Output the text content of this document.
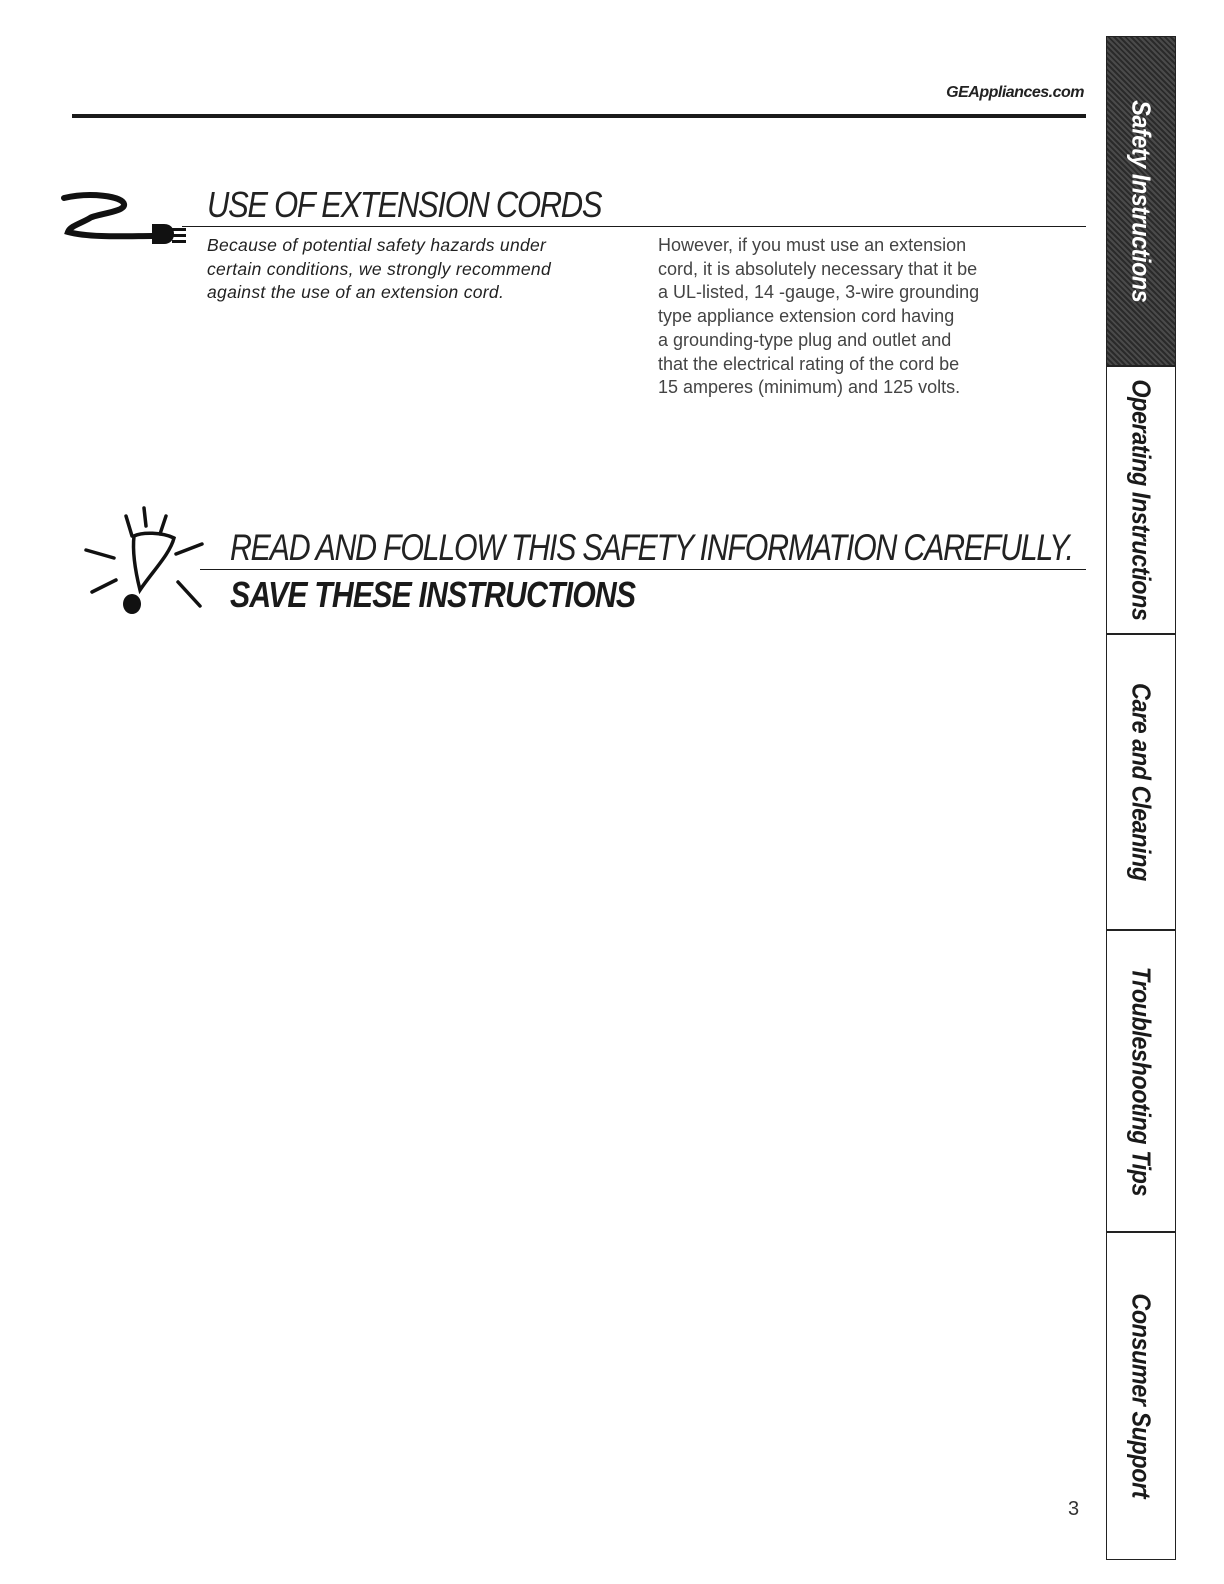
GEAppliances.com
USE OF EXTENSION CORDS
Because of potential safety hazards under
certain conditions, we strongly recommend
against the use of an extension cord.
However, if you must use an extension
cord, it is absolutely necessary that it be
a UL-listed, 14 -gauge, 3-wire grounding
type appliance extension cord having
a grounding-type plug and outlet and
that the electrical rating of the cord be
15 amperes (minimum) and 125 volts.
READ AND FOLLOW THIS SAFETY INFORMATION CAREFULLY.
SAVE THESE INSTRUCTIONS
3
Safety Instructions
Operating Instructions
Care and Cleaning
Troubleshooting Tips
Consumer Support
